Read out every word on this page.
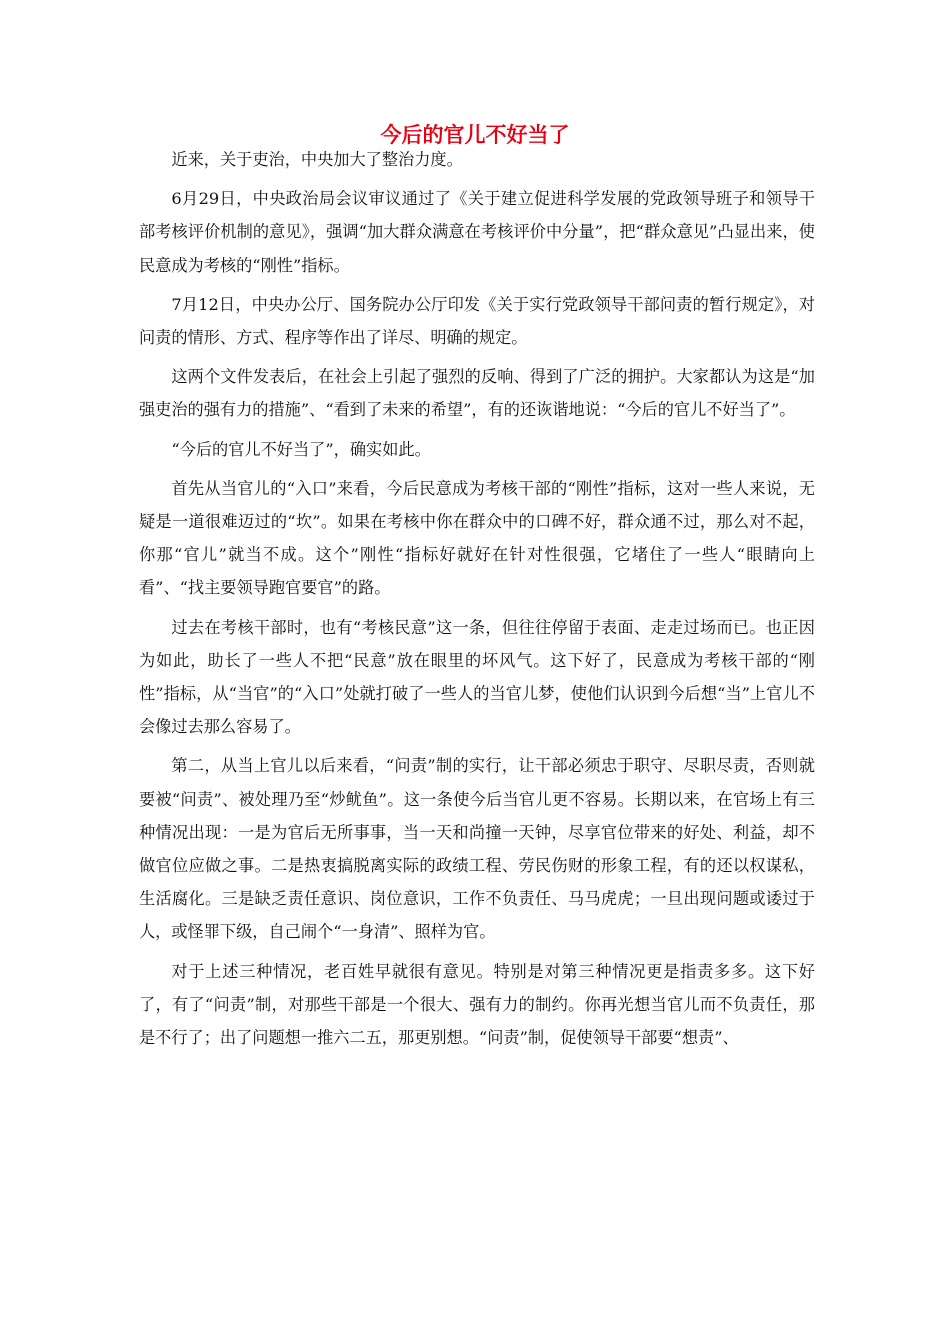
今后的官儿不好当了

近来，关于吏治，中央加大了整治力度。

6月29日，中央政治局会议审议通过了《关于建立促进科学发展的党政领导班子和领导干部考核评价机制的意见》，强调“加大群众满意在考核评价中分量”，把“群众意见”凸显出来，使民意成为考核的“刚性”指标。

7月12日，中央办公厅、国务院办公厅印发《关于实行党政领导干部问责的暂行规定》，对问责的情形、方式、程序等作出了详尽、明确的规定。

这两个文件发表后，在社会上引起了强烈的反响、得到了广泛的拥护。大家都认为这是“加强吏治的强有力的措施”、“看到了未来的希望”，有的还诙谐地说：“今后的官儿不好当了”。

“今后的官儿不好当了”，确实如此。

首先从当官儿的“入口”来看，今后民意成为考核干部的“刚性”指标，这对一些人来说，无疑是一道很难迈过的“坎”。如果在考核中你在群众中的口碑不好，群众通不过，那么对不起，你那“官儿”就当不成。这个”刚性“指标好就好在针对性很强，它堵住了一些人“眼睛向上看”、“找主要领导跑官要官”的路。

过去在考核干部时，也有“考核民意”这一条，但往往停留于表面、走走过场而已。也正因为如此，助长了一些人不把“民意”放在眼里的坏风气。这下好了，民意成为考核干部的“刚性”指标，从“当官”的“入口”处就打破了一些人的当官儿梦，使他们认识到今后想“当”上官儿不会像过去那么容易了。

第二，从当上官儿以后来看，“问责”制的实行，让干部必须忠于职守、尽职尽责，否则就要被“问责”、被处理乃至“炒鱿鱼”。这一条使今后当官儿更不容易。长期以来，在官场上有三种情况出现：一是为官后无所事事，当一天和尚撞一天钟，尽享官位带来的好处、利益，却不做官位应做之事。二是热衷搞脱离实际的政绩工程、劳民伤财的形象工程，有的还以权谋私，生活腐化。三是缺乏责任意识、岗位意识，工作不负责任、马马虎虎；一旦出现问题或诿过于人，或怪罪下级，自己闹个“一身清”、照样为官。

对于上述三种情况，老百姓早就很有意见。特别是对第三种情况更是指责多多。这下好了，有了“问责”制，对那些干部是一个很大、强有力的制约。你再光想当官儿而不负责任，那是不行了；出了问题想一推六二五，那更别想。“问责”制，促使领导干部要“想责”、
